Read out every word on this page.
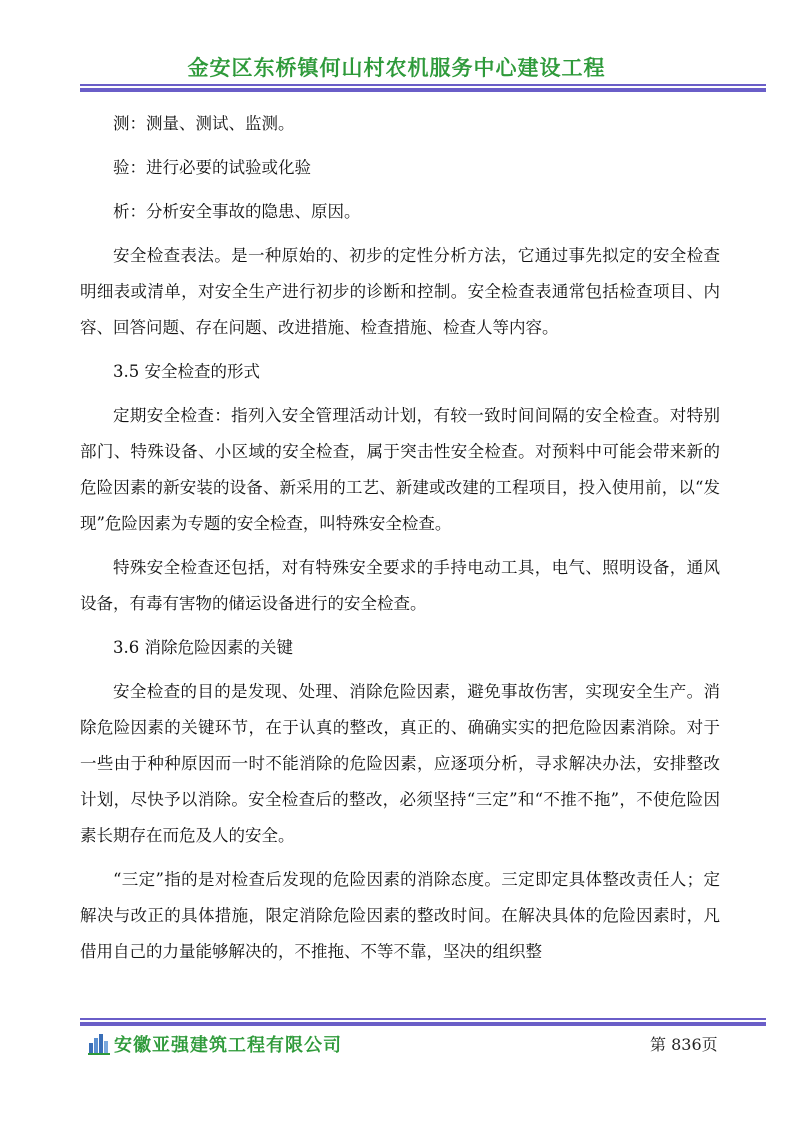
金安区东桥镇何山村农机服务中心建设工程

测：测量、测试、监测。

验：进行必要的试验或化验

析：分析安全事故的隐患、原因。

安全检查表法。是一种原始的、初步的定性分析方法，它通过事先拟定的安全检查明细表或清单，对安全生产进行初步的诊断和控制。安全检查表通常包括检查项目、内容、回答问题、存在问题、改进措施、检查措施、检查人等内容。

3.5 安全检查的形式

定期安全检查：指列入安全管理活动计划，有较一致时间间隔的安全检查。对特别部门、特殊设备、小区域的安全检查，属于突击性安全检查。对预料中可能会带来新的危险因素的新安装的设备、新采用的工艺、新建或改建的工程项目，投入使用前，以“发现”危险因素为专题的安全检查，叫特殊安全检查。

特殊安全检查还包括，对有特殊安全要求的手持电动工具，电气、照明设备，通风设备，有毒有害物的储运设备进行的安全检查。

3.6 消除危险因素的关键

安全检查的目的是发现、处理、消除危险因素，避免事故伤害，实现安全生产。消除危险因素的关键环节，在于认真的整改，真正的、确确实实的把危险因素消除。对于一些由于种种原因而一时不能消除的危险因素，应逐项分析，寻求解决办法，安排整改计划，尽快予以消除。安全检查后的整改，必须坚持“三定”和“不推不拖”，不使危险因素长期存在而危及人的安全。

“三定”指的是对检查后发现的危险因素的消除态度。三定即定具体整改责任人；定解决与改正的具体措施，限定消除危险因素的整改时间。在解决具体的危险因素时，凡借用自己的力量能够解决的，不推拖、不等不靠，坚决的组织整

安徽亚强建筑工程有限公司	第 836页
